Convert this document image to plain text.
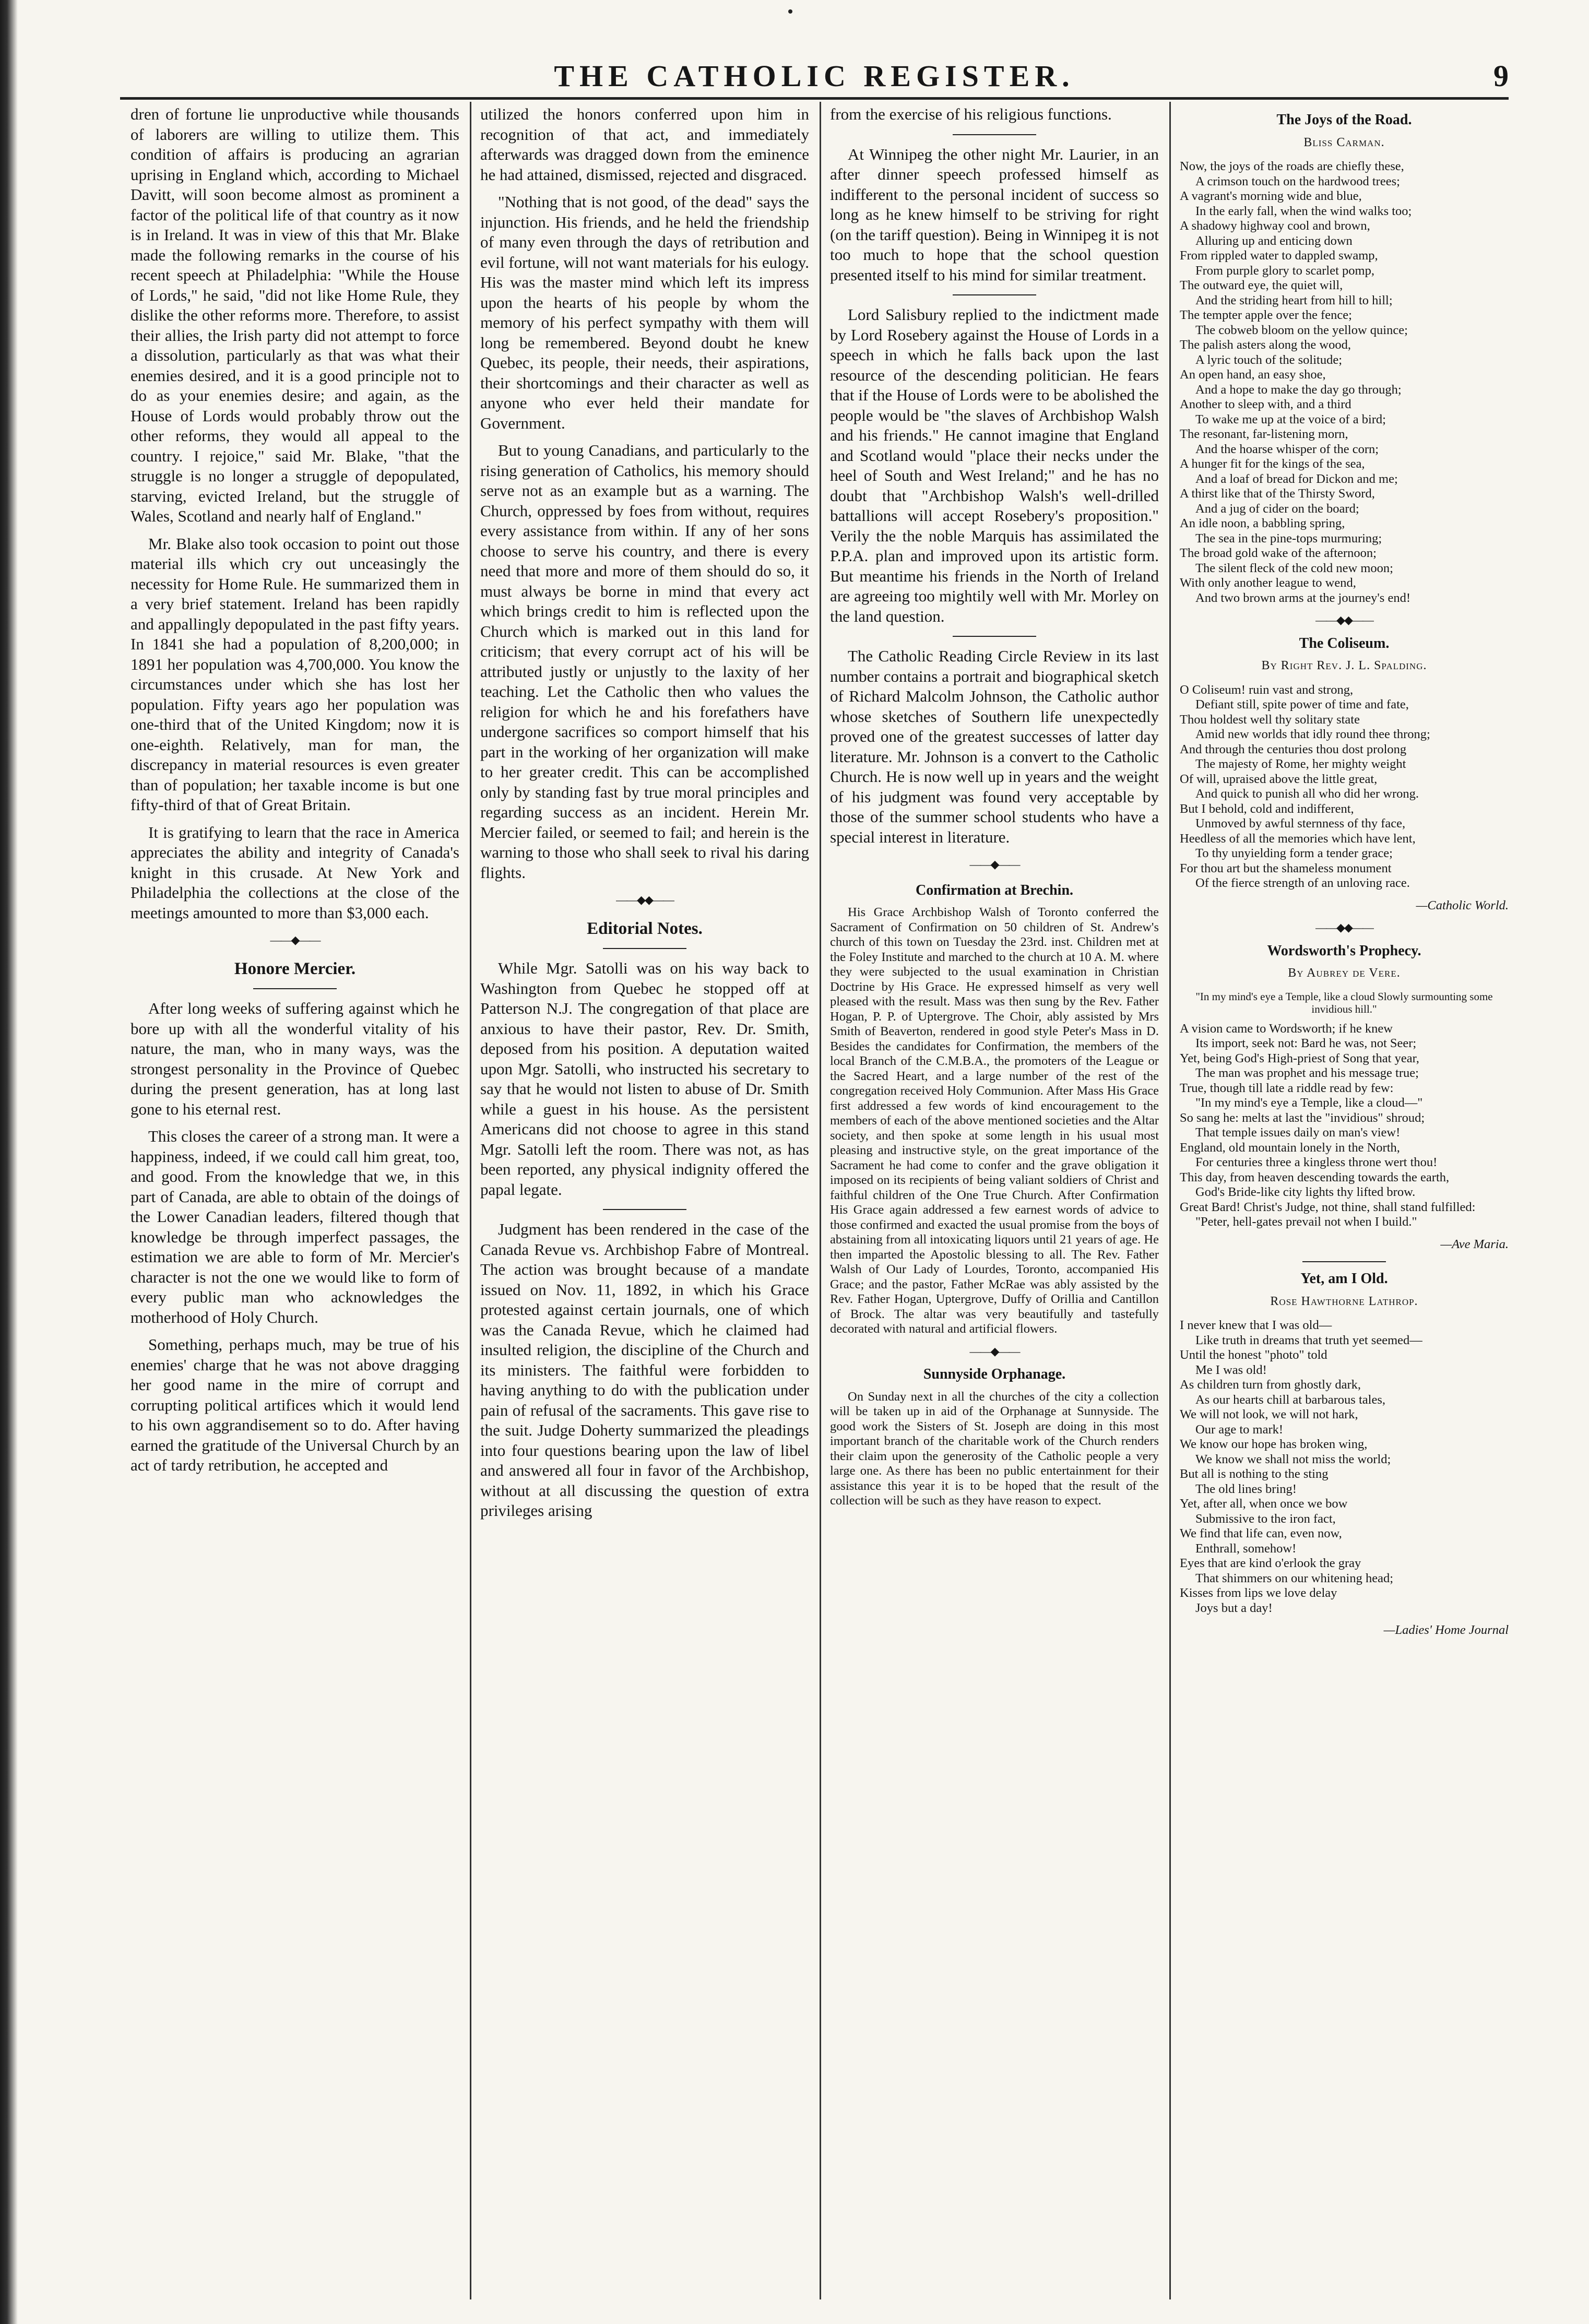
THE CATHOLIC REGISTER.	9

dren of fortune lie unproductive while thousands of laborers are willing to utilize them. This condition of affairs is producing an agrarian uprising in England which, according to Michael Davitt, will soon become almost as prominent a factor of the political life of that country as it now is in Ireland. It was in view of this that Mr. Blake made the following remarks in the course of his recent speech at Philadelphia: "While the House of Lords," he said, "did not like Home Rule, they dislike the other reforms more. Therefore, to assist their allies, the Irish party did not attempt to force a dissolution, particularly as that was what their enemies desired, and it is a good principle not to do as your enemies desire; and again, as the House of Lords would probably throw out the other reforms, they would all appeal to the country. I rejoice," said Mr. Blake, "that the struggle is no longer a struggle of depopulated, starving, evicted Ireland, but the struggle of Wales, Scotland and nearly half of England."

Mr. Blake also took occasion to point out those material ills which cry out unceasingly the necessity for Home Rule. He summarized them in a very brief statement. Ireland has been rapidly and appallingly depopulated in the past fifty years. In 1841 she had a population of 8,200,000; in 1891 her population was 4,700,000. You know the circumstances under which she has lost her population. Fifty years ago her population was one-third that of the United Kingdom; now it is one-eighth. Relatively, man for man, the discrepancy in material resources is even greater than of population; her taxable income is but one fifty-third of that of Great Britain.

It is gratifying to learn that the race in America appreciates the ability and integrity of Canada's knight in this crusade. At New York and Philadelphia the collections at the close of the meetings amounted to more than $3,000 each.

——◆——
Honore Mercier.

After long weeks of suffering against which he bore up with all the wonderful vitality of his nature, the man, who in many ways, was the strongest personality in the Province of Quebec during the present generation, has at long last gone to his eternal rest.

This closes the career of a strong man. It were a happiness, indeed, if we could call him great, too, and good. From the knowledge that we, in this part of Canada, are able to obtain of the doings of the Lower Canadian leaders, filtered though that knowledge be through imperfect passages, the estimation we are able to form of Mr. Mercier's character is not the one we would like to form of every public man who acknowledges the motherhood of Holy Church.

Something, perhaps much, may be true of his enemies' charge that he was not above dragging her good name in the mire of corrupt and corrupting political artifices which it would lend to his own aggrandisement so to do. After having earned the gratitude of the Universal Church by an act of tardy retribution, he accepted and

utilized the honors conferred upon him in recognition of that act, and immediately afterwards was dragged down from the eminence he had attained, dismissed, rejected and disgraced.

"Nothing that is not good, of the dead" says the injunction. His friends, and he held the friendship of many even through the days of retribution and evil fortune, will not want materials for his eulogy. His was the master mind which left its impress upon the hearts of his people by whom the memory of his perfect sympathy with them will long be remembered. Beyond doubt he knew Quebec, its people, their needs, their aspirations, their shortcomings and their character as well as anyone who ever held their mandate for Government.

But to young Canadians, and particularly to the rising generation of Catholics, his memory should serve not as an example but as a warning. The Church, oppressed by foes from without, requires every assistance from within. If any of her sons choose to serve his country, and there is every need that more and more of them should do so, it must always be borne in mind that every act which brings credit to him is reflected upon the Church which is marked out in this land for criticism; that every corrupt act of his will be attributed justly or unjustly to the laxity of her teaching. Let the Catholic then who values the religion for which he and his forefathers have undergone sacrifices so comport himself that his part in the working of her organization will make to her greater credit. This can be accomplished only by standing fast by true moral principles and regarding success as an incident. Herein Mr. Mercier failed, or seemed to fail; and herein is the warning to those who shall seek to rival his daring flights.

——◆◆——
Editorial Notes.

While Mgr. Satolli was on his way back to Washington from Quebec he stopped off at Patterson N.J. The congregation of that place are anxious to have their pastor, Rev. Dr. Smith, deposed from his position. A deputation waited upon Mgr. Satolli, who instructed his secretary to say that he would not listen to abuse of Dr. Smith while a guest in his house. As the persistent Americans did not choose to agree in this stand Mgr. Satolli left the room. There was not, as has been reported, any physical indignity offered the papal legate.

Judgment has been rendered in the case of the Canada Revue vs. Archbishop Fabre of Montreal. The action was brought because of a mandate issued on Nov. 11, 1892, in which his Grace protested against certain journals, one of which was the Canada Revue, which he claimed had insulted religion, the discipline of the Church and its ministers. The faithful were forbidden to having anything to do with the publication under pain of refusal of the sacraments. This gave rise to the suit. Judge Doherty summarized the pleadings into four questions bearing upon the law of libel and answered all four in favor of the Archbishop, without at all discussing the question of extra privileges arising

from the exercise of his religious functions.

At Winnipeg the other night Mr. Laurier, in an after dinner speech professed himself as indifferent to the personal incident of success so long as he knew himself to be striving for right (on the tariff question). Being in Winnipeg it is not too much to hope that the school question presented itself to his mind for similar treatment.

Lord Salisbury replied to the indictment made by Lord Rosebery against the House of Lords in a speech in which he falls back upon the last resource of the descending politician. He fears that if the House of Lords were to be abolished the people would be "the slaves of Archbishop Walsh and his friends." He cannot imagine that England and Scotland would "place their necks under the heel of South and West Ireland;" and he has no doubt that "Archbishop Walsh's well-drilled battallions will accept Rosebery's proposition." Verily the the noble Marquis has assimilated the P.P.A. plan and improved upon its artistic form. But meantime his friends in the North of Ireland are agreeing too mightily well with Mr. Morley on the land question.

The Catholic Reading Circle Review in its last number contains a portrait and biographical sketch of Richard Malcolm Johnson, the Catholic author whose sketches of Southern life unexpectedly proved one of the greatest successes of latter day literature. Mr. Johnson is a convert to the Catholic Church. He is now well up in years and the weight of his judgment was found very acceptable by those of the summer school students who have a special interest in literature.

——◆——
Confirmation at Brechin.

His Grace Archbishop Walsh of Toronto conferred the Sacrament of Confirmation on 50 children of St. Andrew's church of this town on Tuesday the 23rd. inst. Children met at the Foley Institute and marched to the church at 10 A. M. where they were subjected to the usual examination in Christian Doctrine by His Grace. He expressed himself as very well pleased with the result. Mass was then sung by the Rev. Father Hogan, P. P. of Uptergrove. The Choir, ably assisted by Mrs Smith of Beaverton, rendered in good style Peter's Mass in D. Besides the candidates for Confirmation, the members of the local Branch of the C.M.B.A., the promoters of the League or the Sacred Heart, and a large number of the rest of the congregation received Holy Communion. After Mass His Grace first addressed a few words of kind encouragement to the members of each of the above mentioned societies and the Altar society, and then spoke at some length in his usual most pleasing and instructive style, on the great importance of the Sacrament he had come to confer and the grave obligation it imposed on its recipients of being valiant soldiers of Christ and faithful children of the One True Church. After Confirmation His Grace again addressed a few earnest words of advice to those confirmed and exacted the usual promise from the boys of abstaining from all intoxicating liquors until 21 years of age. He then imparted the Apostolic blessing to all. The Rev. Father Walsh of Our Lady of Lourdes, Toronto, accompanied His Grace; and the pastor, Father McRae was ably assisted by the Rev. Father Hogan, Uptergrove, Duffy of Orillia and Cantillon of Brock. The altar was very beautifully and tastefully decorated with natural and artificial flowers.

——◆——
Sunnyside Orphanage.

On Sunday next in all the churches of the city a collection will be taken up in aid of the Orphanage at Sunnyside. The good work the Sisters of St. Joseph are doing in this most important branch of the charitable work of the Church renders their claim upon the generosity of the Catholic people a very large one. As there has been no public entertainment for their assistance this year it is to be hoped that the result of the collection will be such as they have reason to expect.

The Joys of the Road.
Bliss Carman.
Now, the joys of the roads are chiefly these,
A crimson touch on the hardwood trees;
A vagrant's morning wide and blue,
In the early fall, when the wind walks too;
A shadowy highway cool and brown,
Alluring up and enticing down
From rippled water to dappled swamp,
From purple glory to scarlet pomp,
The outward eye, the quiet will,
And the striding heart from hill to hill;
The tempter apple over the fence;
The cobweb bloom on the yellow quince;
The palish asters along the wood,
A lyric touch of the solitude;
An open hand, an easy shoe,
And a hope to make the day go through;
Another to sleep with, and a third
To wake me up at the voice of a bird;
The resonant, far-listening morn,
And the hoarse whisper of the corn;
A hunger fit for the kings of the sea,
And a loaf of bread for Dickon and me;
A thirst like that of the Thirsty Sword,
And a jug of cider on the board;
An idle noon, a babbling spring,
The sea in the pine-tops murmuring;
The broad gold wake of the afternoon;
The silent fleck of the cold new moon;
With only another league to wend,
And two brown arms at the journey's end!
——◆◆——
The Coliseum.
By Right Rev. J. L. Spalding.
O Coliseum! ruin vast and strong,
Defiant still, spite power of time and fate,
Thou holdest well thy solitary state
Amid new worlds that idly round thee throng;
And through the centuries thou dost prolong
The majesty of Rome, her mighty weight
Of will, upraised above the little great,
And quick to punish all who did her wrong.
But I behold, cold and indifferent,
Unmoved by awful sternness of thy face,
Heedless of all the memories which have lent,
To thy unyielding form a tender grace;
For thou art but the shameless monument
Of the fierce strength of an unloving race.
—Catholic World.
——◆◆——
Wordsworth's Prophecy.
By Aubrey de Vere.
"In my mind's eye a Temple, like a cloud Slowly surmounting some invidious hill."
A vision came to Wordsworth; if he knew
Its import, seek not: Bard he was, not Seer;
Yet, being God's High-priest of Song that year,
The man was prophet and his message true;
True, though till late a riddle read by few:
"In my mind's eye a Temple, like a cloud—"
So sang he: melts at last the "invidious" shroud;
That temple issues daily on man's view!
England, old mountain lonely in the North,
For centuries three a kingless throne wert thou!
This day, from heaven descending towards the earth,
God's Bride-like city lights thy lifted brow.
Great Bard! Christ's Judge, not thine, shall stand fulfilled:
"Peter, hell-gates prevail not when I build."
—Ave Maria.
Yet, am I Old.
Rose Hawthorne Lathrop.
I never knew that I was old—
Like truth in dreams that truth yet seemed—
Until the honest "photo" told
Me I was old!
As children turn from ghostly dark,
As our hearts chill at barbarous tales,
We will not look, we will not hark,
Our age to mark!
We know our hope has broken wing,
We know we shall not miss the world;
But all is nothing to the sting
The old lines bring!
Yet, after all, when once we bow
Submissive to the iron fact,
We find that life can, even now,
Enthrall, somehow!
Eyes that are kind o'erlook the gray
That shimmers on our whitening head;
Kisses from lips we love delay
Joys but a day!
—Ladies' Home Journal
